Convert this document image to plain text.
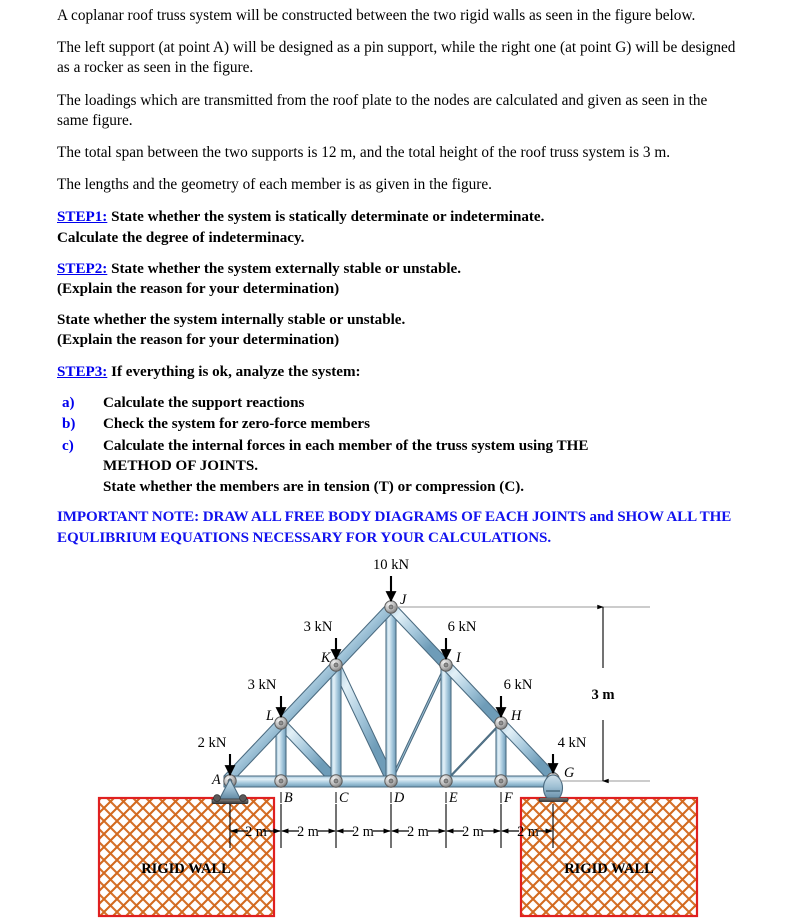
A coplanar roof truss system will be constructed between the two rigid walls as seen in the figure below.

The left support (at point A) will be designed as a pin support, while the right one (at point G) will be designed as a rocker as seen in the figure.

The loadings which are transmitted from the roof plate to the nodes are calculated and given as seen in the same figure.

The total span between the two supports is 12 m, and the total height of the roof truss system is 3 m.

The lengths and the geometry of each member is as given in the figure.

STEP1: State whether the system is statically determinate or indeterminate.
Calculate the degree of indeterminacy.

STEP2: State whether the system externally stable or unstable.
(Explain the reason for your determination)

State whether the system internally stable or unstable.
(Explain the reason for your determination)

STEP3: If everything is ok, analyze the system:

a)	Calculate the support reactions
b)	Check the system for zero-force members
c)	Calculate the internal forces in each member of the truss system using THE
METHOD OF JOINTS.
State whether the members are in tension (T) or compression (C).

IMPORTANT NOTE: DRAW ALL FREE BODY DIAGRAMS OF EACH JOINTS and SHOW ALL THE
EQULIBRIUM EQUATIONS NECESSARY FOR YOUR CALCULATIONS.

RIGID WALL	RIGID WALL
2 kN
3 kN
3 kN
10 kN
6 kN
6 kN
4 kN
A
B	C	D	E	F
G
L
K
J
I
H
3 m
2 m 2 m 2 m 2 m 2 m 2 m
